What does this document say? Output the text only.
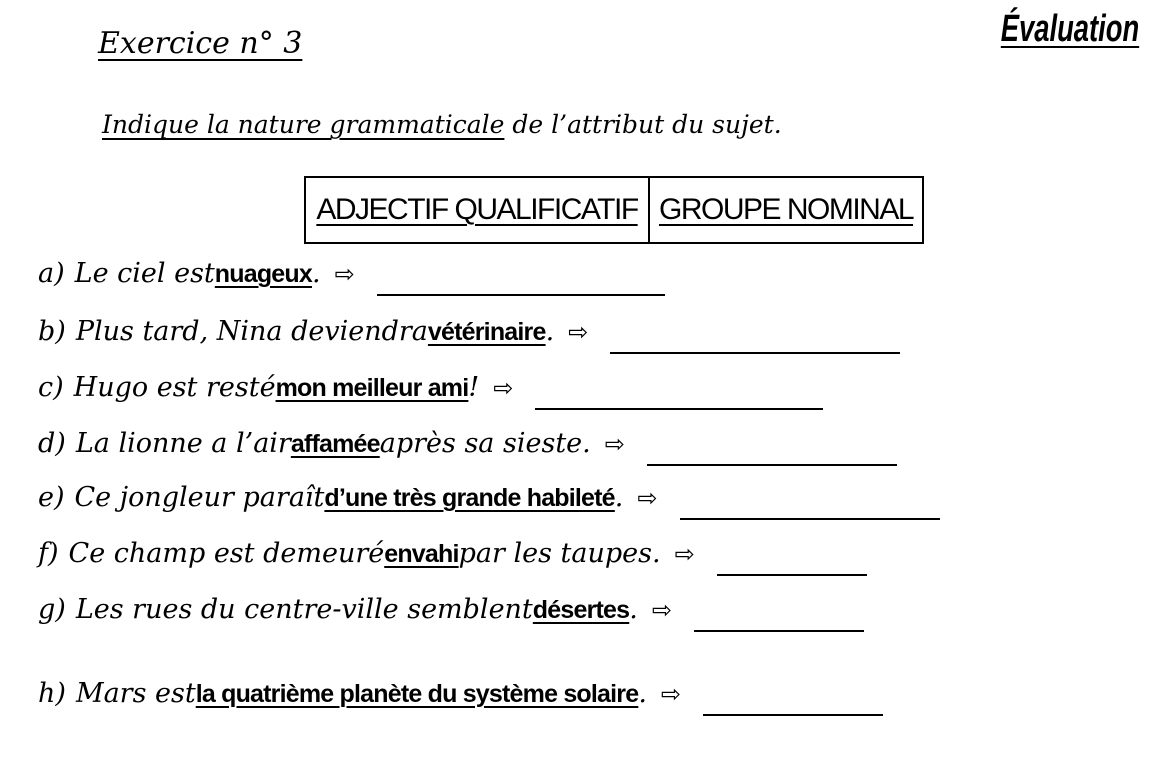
Exercice n° 3	Évaluation
Indique la nature grammaticale de l’attribut du sujet.
ADJECTIF QUALIFICATIF GROUPE NOMINAL
a) Le ciel est nuageux . ⇨
b) Plus tard, Nina deviendra vétérinaire . ⇨
c) Hugo est resté mon meilleur ami ! ⇨
d) La lionne a l’air affamée après sa sieste. ⇨
e) Ce jongleur paraît d’une très grande habileté . ⇨
f) Ce champ est demeuré envahi par les taupes. ⇨
g) Les rues du centre-ville semblent désertes . ⇨
h) Mars est la quatrième planète du système solaire . ⇨
